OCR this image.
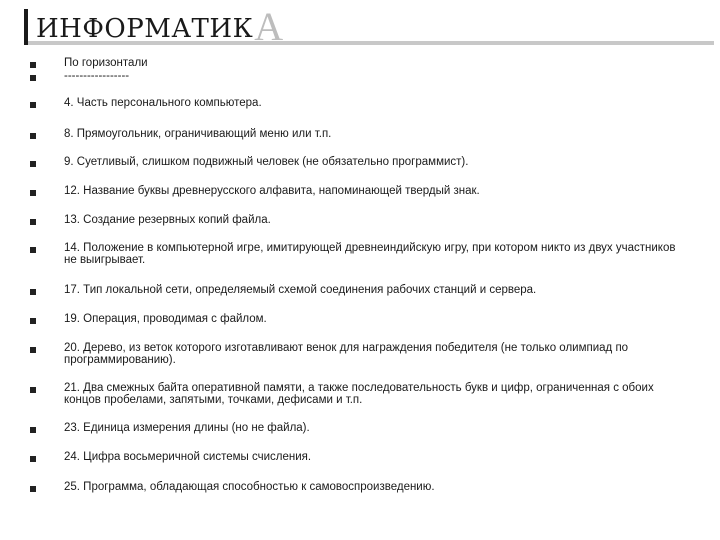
ИНФОРМАТИКА
По горизонтали
-----------------
4. Часть персонального компьютера.
8. Прямоугольник, ограничивающий меню или т.п.
9. Суетливый, слишком подвижный человек (не обязательно программист).
12. Название буквы древнерусского алфавита, напоминающей твердый знак.
13. Создание резервных копий файла.
14. Положение в компьютерной игре, имитирующей древнеиндийскую игру, при котором никто из двух участников не выигрывает.
17. Тип локальной сети, определяемый схемой соединения рабочих станций и сервера.
19. Операция, проводимая с файлом.
20. Дерево, из веток которого изготавливают венок для награждения победителя (не только олимпиад по программированию).
21. Два смежных байта оперативной памяти, а также последовательность букв и цифр, ограниченная с обоих концов пробелами, запятыми, точками, дефисами и т.п.
23. Единица измерения длины (но не файла).
24. Цифра восьмеричной системы счисления.
25. Программа, обладающая способностью к самовоспроизведению.
